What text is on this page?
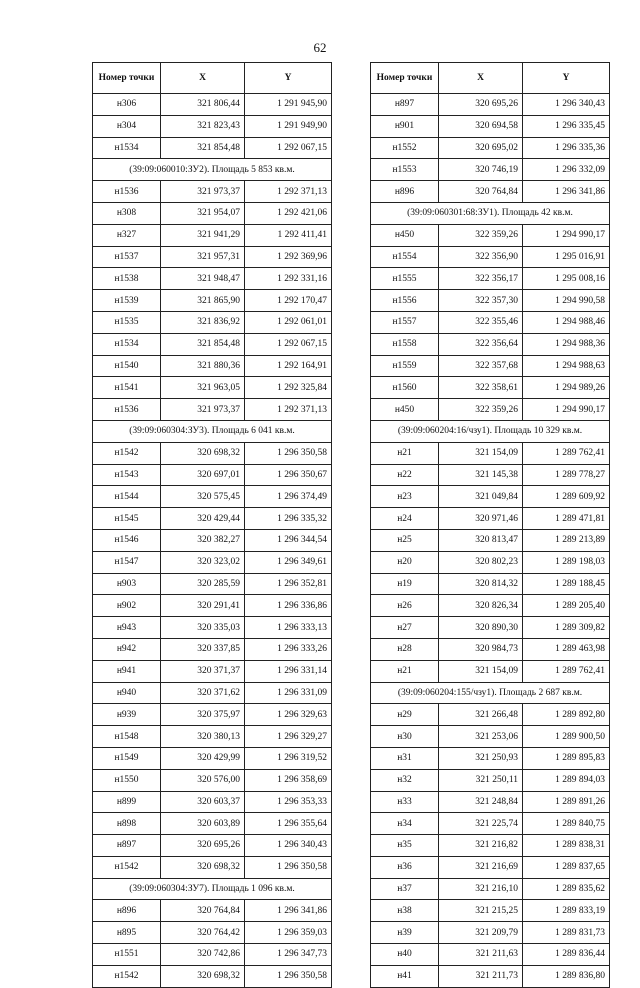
62
Номер точки	X	Y
н306	321 806,44	1 291 945,90
н304	321 823,43	1 291 949,90
н1534	321 854,48	1 292 067,15
(39:09:060010:ЗУ2). Площадь 5 853 кв.м.		
н1536	321 973,37	1 292 371,13
н308	321 954,07	1 292 421,06
н327	321 941,29	1 292 411,41
н1537	321 957,31	1 292 369,96
н1538	321 948,47	1 292 331,16
н1539	321 865,90	1 292 170,47
н1535	321 836,92	1 292 061,01
н1534	321 854,48	1 292 067,15
н1540	321 880,36	1 292 164,91
н1541	321 963,05	1 292 325,84
н1536	321 973,37	1 292 371,13
(39:09:060304:ЗУ3). Площадь 6 041 кв.м.		
н1542	320 698,32	1 296 350,58
н1543	320 697,01	1 296 350,67
н1544	320 575,45	1 296 374,49
н1545	320 429,44	1 296 335,32
н1546	320 382,27	1 296 344,54
н1547	320 323,02	1 296 349,61
н903	320 285,59	1 296 352,81
н902	320 291,41	1 296 336,86
н943	320 335,03	1 296 333,13
н942	320 337,85	1 296 333,26
н941	320 371,37	1 296 331,14
н940	320 371,62	1 296 331,09
н939	320 375,97	1 296 329,63
н1548	320 380,13	1 296 329,27
н1549	320 429,99	1 296 319,52
н1550	320 576,00	1 296 358,69
н899	320 603,37	1 296 353,33
н898	320 603,89	1 296 355,64
н897	320 695,26	1 296 340,43
н1542	320 698,32	1 296 350,58
(39:09:060304:ЗУ7). Площадь 1 096 кв.м.		
н896	320 764,84	1 296 341,86
н895	320 764,42	1 296 359,03
н1551	320 742,86	1 296 347,73
н1542	320 698,32	1 296 350,58
Номер точки	X	Y
н897	320 695,26	1 296 340,43
н901	320 694,58	1 296 335,45
н1552	320 695,02	1 296 335,36
н1553	320 746,19	1 296 332,09
н896	320 764,84	1 296 341,86
(39:09:060301:68:ЗУ1). Площадь 42 кв.м.		
н450	322 359,26	1 294 990,17
н1554	322 356,90	1 295 016,91
н1555	322 356,17	1 295 008,16
н1556	322 357,30	1 294 990,58
н1557	322 355,46	1 294 988,46
н1558	322 356,64	1 294 988,36
н1559	322 357,68	1 294 988,63
н1560	322 358,61	1 294 989,26
н450	322 359,26	1 294 990,17
(39:09:060204:16/чзу1). Площадь 10 329 кв.м.		
н21	321 154,09	1 289 762,41
н22	321 145,38	1 289 778,27
н23	321 049,84	1 289 609,92
н24	320 971,46	1 289 471,81
н25	320 813,47	1 289 213,89
н20	320 802,23	1 289 198,03
н19	320 814,32	1 289 188,45
н26	320 826,34	1 289 205,40
н27	320 890,30	1 289 309,82
н28	320 984,73	1 289 463,98
н21	321 154,09	1 289 762,41
(39:09:060204:155/чзу1). Площадь 2 687 кв.м.		
н29	321 266,48	1 289 892,80
н30	321 253,06	1 289 900,50
н31	321 250,93	1 289 895,83
н32	321 250,11	1 289 894,03
н33	321 248,84	1 289 891,26
н34	321 225,74	1 289 840,75
н35	321 216,82	1 289 838,31
н36	321 216,69	1 289 837,65
н37	321 216,10	1 289 835,62
н38	321 215,25	1 289 833,19
н39	321 209,79	1 289 831,73
н40	321 211,63	1 289 836,44
н41	321 211,73	1 289 836,80
